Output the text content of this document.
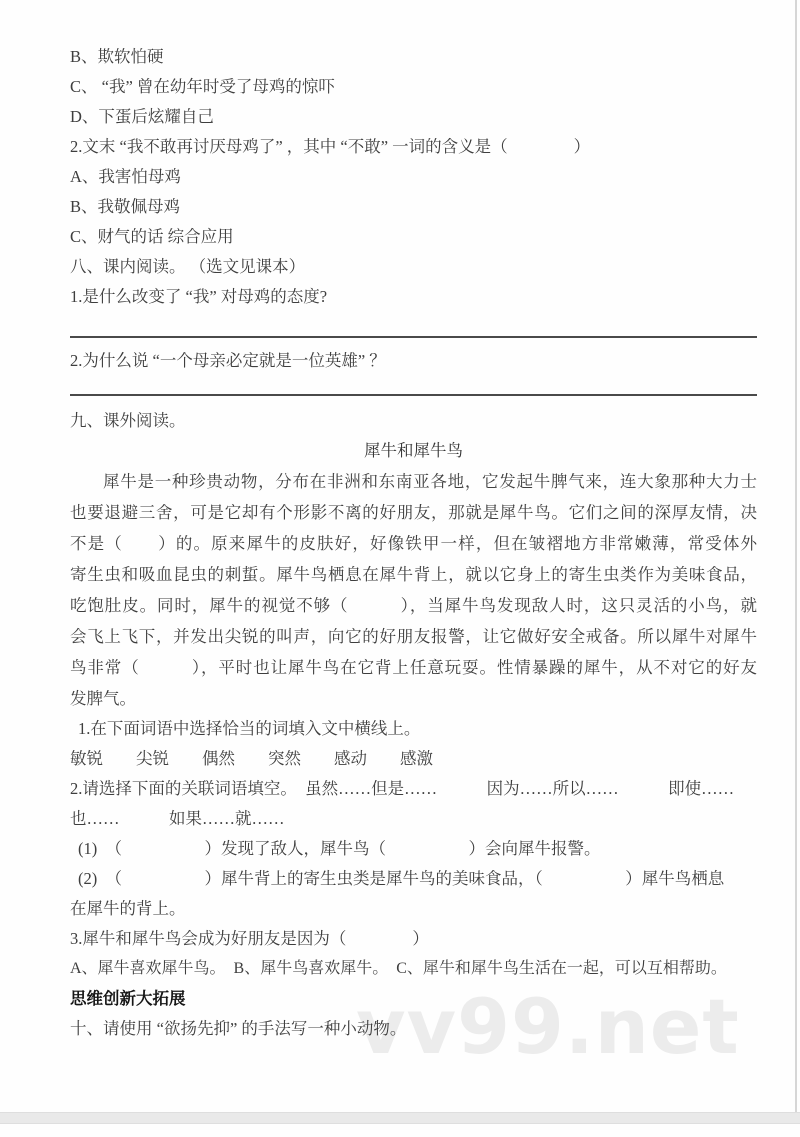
vv99.net
B、欺软怕硬
C、 “我” 曾在幼年时受了母鸡的惊吓
D、下蛋后炫耀自己
2.文末 “我不敢再讨厌母鸡了” ，其中 “不敢” 一词的含义是（　　　　）
A、我害怕母鸡
B、我敬佩母鸡
C、财气的话 综合应用
八、课内阅读。 （选文见课本）
1.是什么改变了 “我” 对母鸡的态度?
2.为什么说 “一个母亲必定就是一位英雄” ？
九、课外阅读。
犀牛和犀牛鸟
犀牛是一种珍贵动物，分布在非洲和东南亚各地，它发起牛脾气来，连大象那种大力士
也要退避三舍，可是它却有个形影不离的好朋友，那就是犀牛鸟。它们之间的深厚友情，决
不是（　　）的。原来犀牛的皮肤好，好像铁甲一样，但在皱褶地方非常嫩薄，常受体外
寄生虫和吸血昆虫的刺蜇。犀牛鸟栖息在犀牛背上，就以它身上的寄生虫类作为美味食品，
吃饱肚皮。同时，犀牛的视觉不够（　　　），当犀牛鸟发现敌人时，这只灵活的小鸟，就
会飞上飞下，并发出尖锐的叫声，向它的好朋友报警，让它做好安全戒备。所以犀牛对犀牛
鸟非常（　　　），平时也让犀牛鸟在它背上任意玩耍。性情暴躁的犀牛，从不对它的好友
发脾气。
1.在下面词语中选择恰当的词填入文中横线上。
敏锐　　尖锐　　偶然　　突然　　感动　　感激
2.请选择下面的关联词语填空。　虽然……但是……　　　因为……所以……　　　即使……
也……　　　如果……就……
(1)　（　　　　　）发现了敌人，犀牛鸟（　　　　　）会向犀牛报警。
(2)　（　　　　　）犀牛背上的寄生虫类是犀牛鸟的美味食品，（　　　　　）犀牛鸟栖息
在犀牛的背上。
3.犀牛和犀牛鸟会成为好朋友是因为（　　　　）
A、犀牛喜欢犀牛鸟。　B、犀牛鸟喜欢犀牛。　C、犀牛和犀牛鸟生活在一起，可以互相帮助。
思维创新大拓展
十、请使用 “欲扬先抑” 的手法写一种小动物。
